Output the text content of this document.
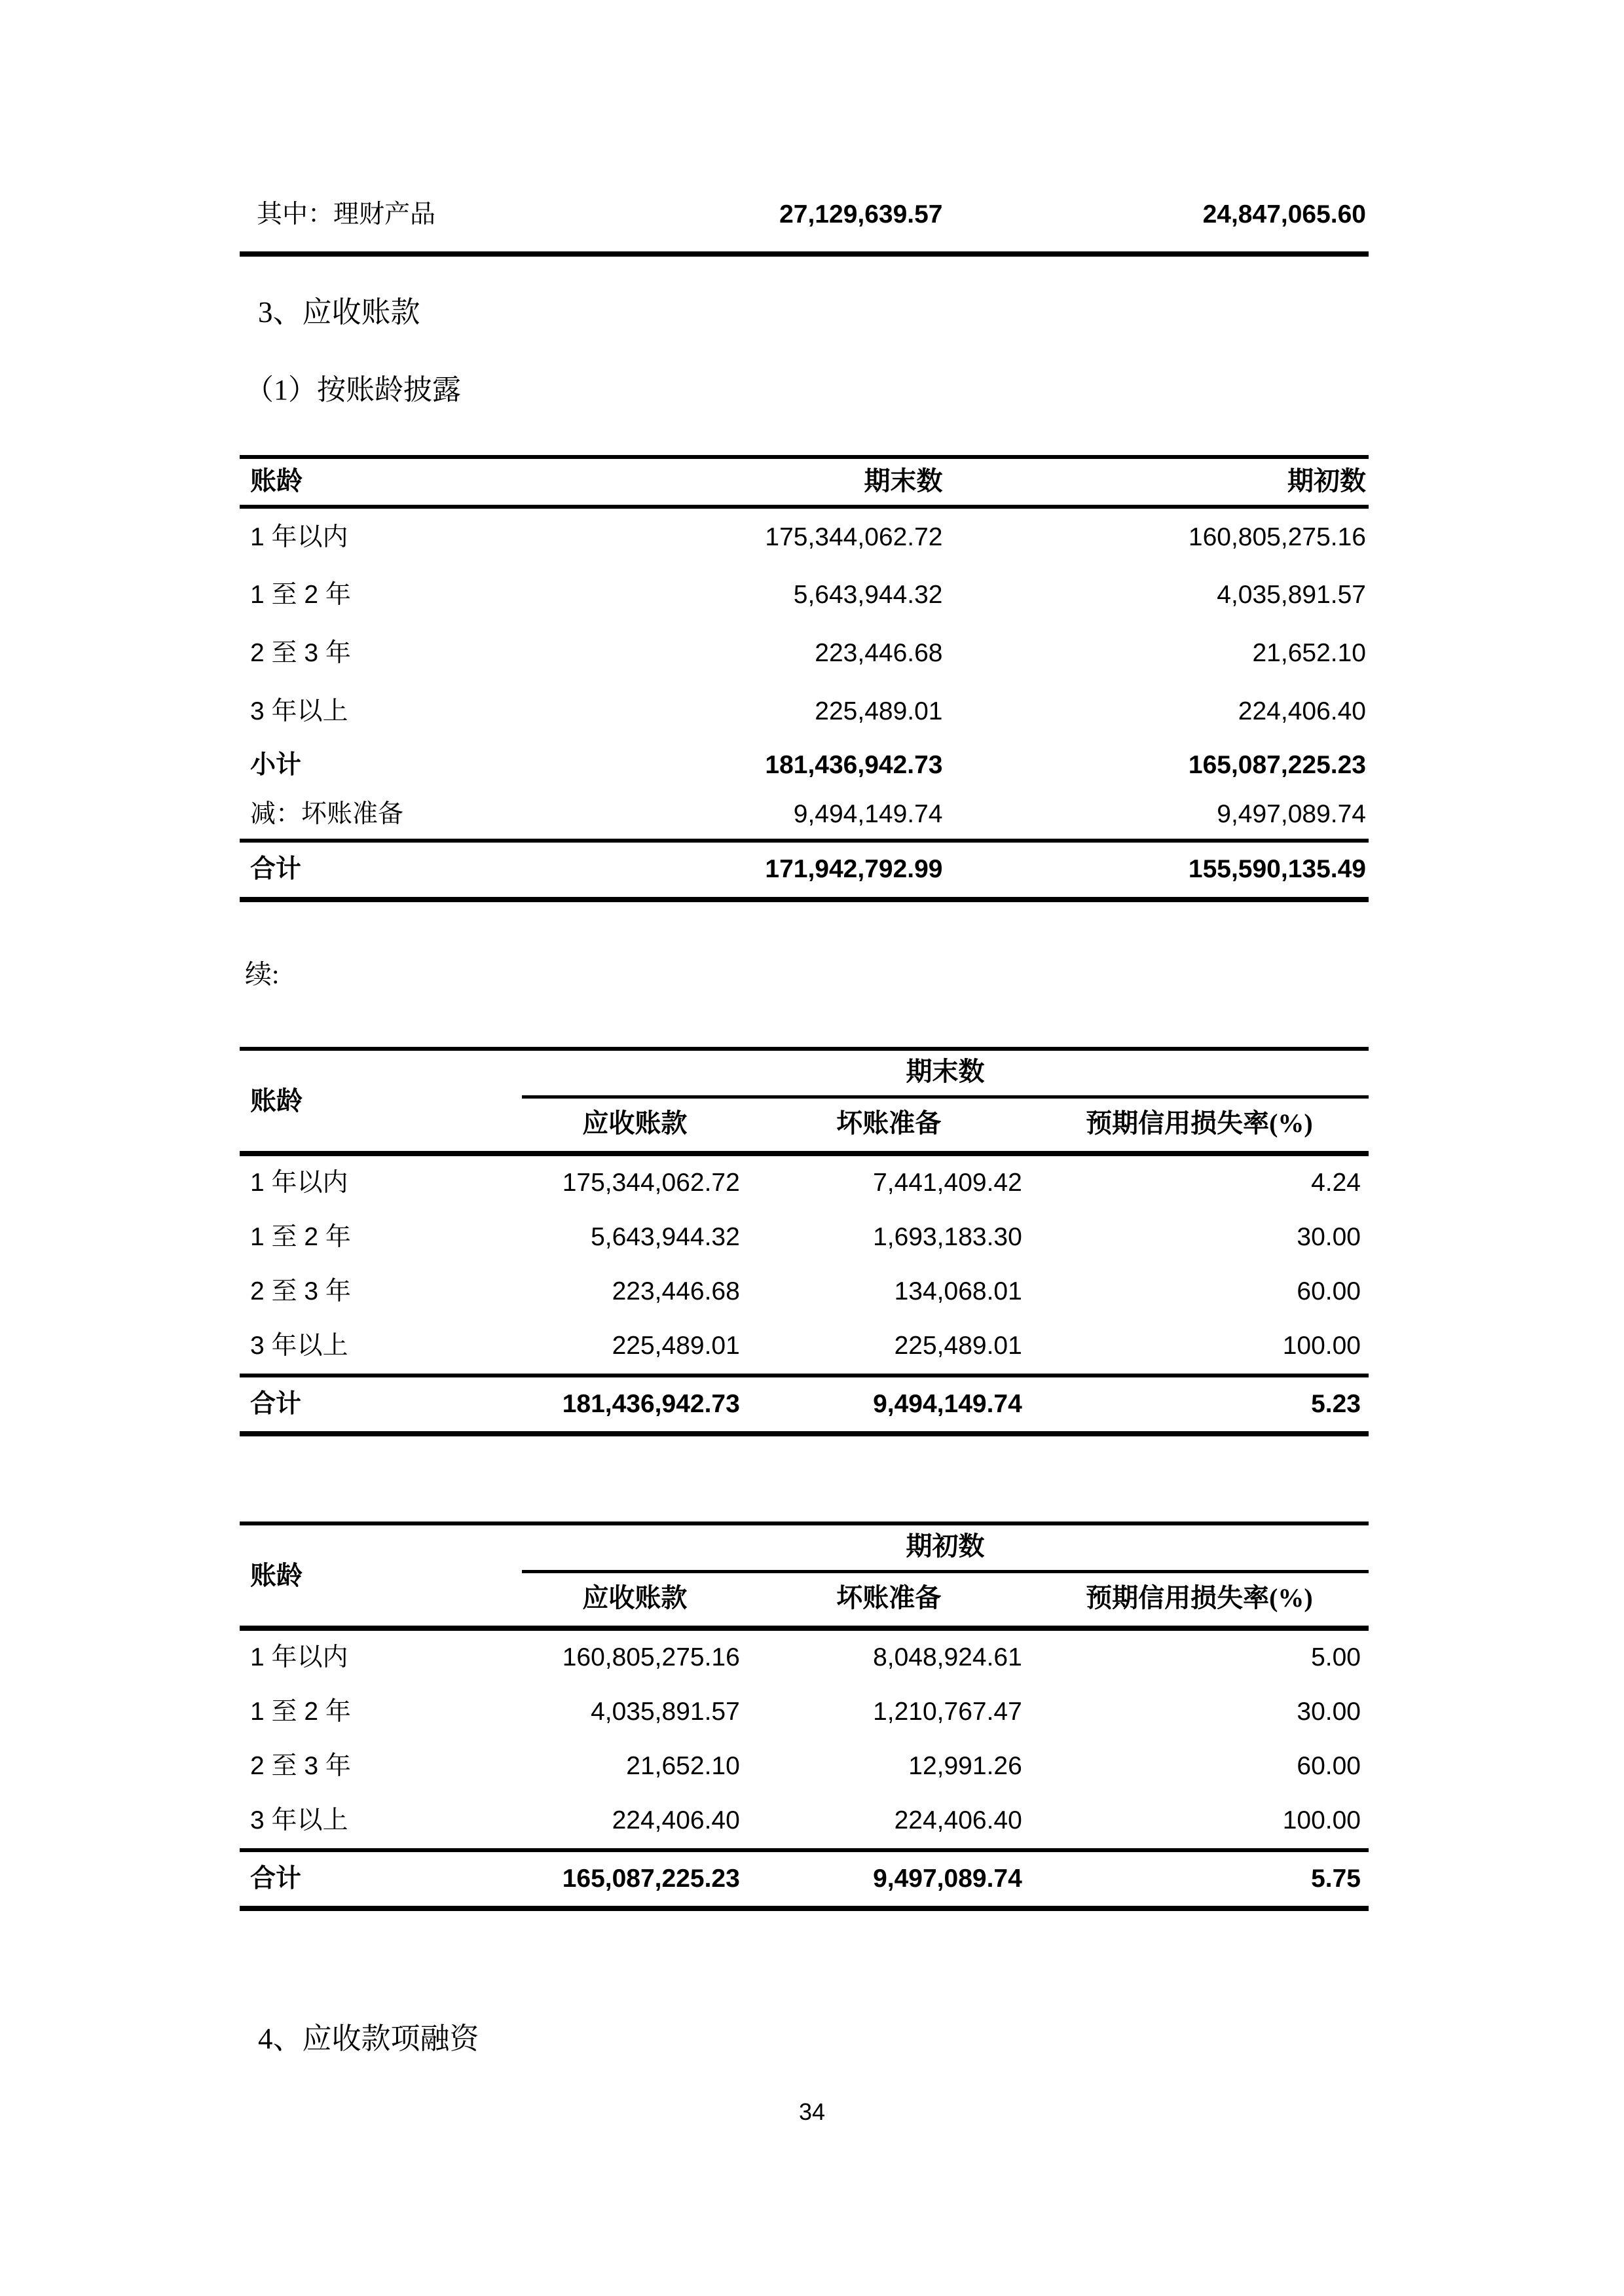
其中：理财产品	27,129,639.57	24,847,065.60
3、应收账款
（1）按账龄披露
账龄	期末数	期初数
1 年以内	175,344,062.72	160,805,275.16
1 至 2 年	5,643,944.32	4,035,891.57
2 至 3 年	223,446.68	21,652.10
3 年以上	225,489.01	224,406.40
小计	181,436,942.73	165,087,225.23
减：坏账准备	9,494,149.74	9,497,089.74
合计	171,942,792.99	155,590,135.49
续:
账龄	期末数		
	应收账款	坏账准备	预期信用损失率(%)
1 年以内	175,344,062.72	7,441,409.42	4.24
1 至 2 年	5,643,944.32	1,693,183.30	30.00
2 至 3 年	223,446.68	134,068.01	60.00
3 年以上	225,489.01	225,489.01	100.00
合计	181,436,942.73	9,494,149.74	5.23
账龄	期初数		
	应收账款	坏账准备	预期信用损失率(%)
1 年以内	160,805,275.16	8,048,924.61	5.00
1 至 2 年	4,035,891.57	1,210,767.47	30.00
2 至 3 年	21,652.10	12,991.26	60.00
3 年以上	224,406.40	224,406.40	100.00
合计	165,087,225.23	9,497,089.74	5.75
4、应收款项融资
34
